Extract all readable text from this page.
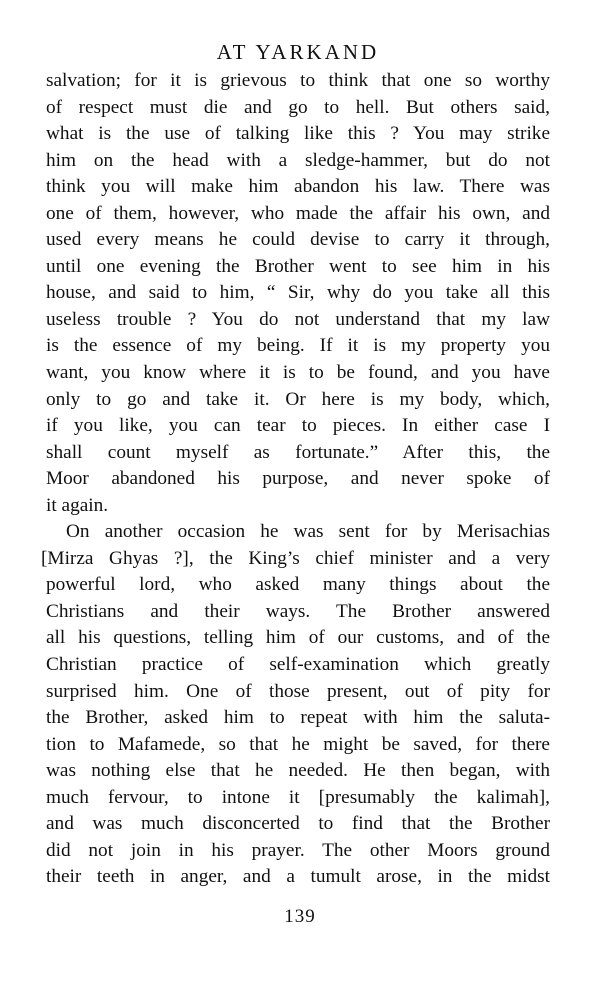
AT YARKAND
salvation; for it is grievous to think that one so worthy
of respect must die and go to hell. But others said,
what is the use of talking like this ? You may strike
him on the head with a sledge-hammer, but do not
think you will make him abandon his law. There was
one of them, however, who made the affair his own, and
used every means he could devise to carry it through,
until one evening the Brother went to see him in his
house, and said to him, “ Sir, why do you take all this
useless trouble ? You do not understand that my law
is the essence of my being. If it is my property you
want, you know where it is to be found, and you have
only to go and take it. Or here is my body, which,
if you like, you can tear to pieces. In either case I
shall count myself as fortunate.” After this, the
Moor abandoned his purpose, and never spoke of
it again.
On another occasion he was sent for by Merisachias
[Mirza Ghyas ?], the King’s chief minister and a very
powerful lord, who asked many things about the
Christians and their ways. The Brother answered
all his questions, telling him of our customs, and of the
Christian practice of self-examination which greatly
surprised him. One of those present, out of pity for
the Brother, asked him to repeat with him the saluta-
tion to Mafamede, so that he might be saved, for there
was nothing else that he needed. He then began, with
much fervour, to intone it [presumably the kalimah],
and was much disconcerted to find that the Brother
did not join in his prayer. The other Moors ground
their teeth in anger, and a tumult arose, in the midst
139
